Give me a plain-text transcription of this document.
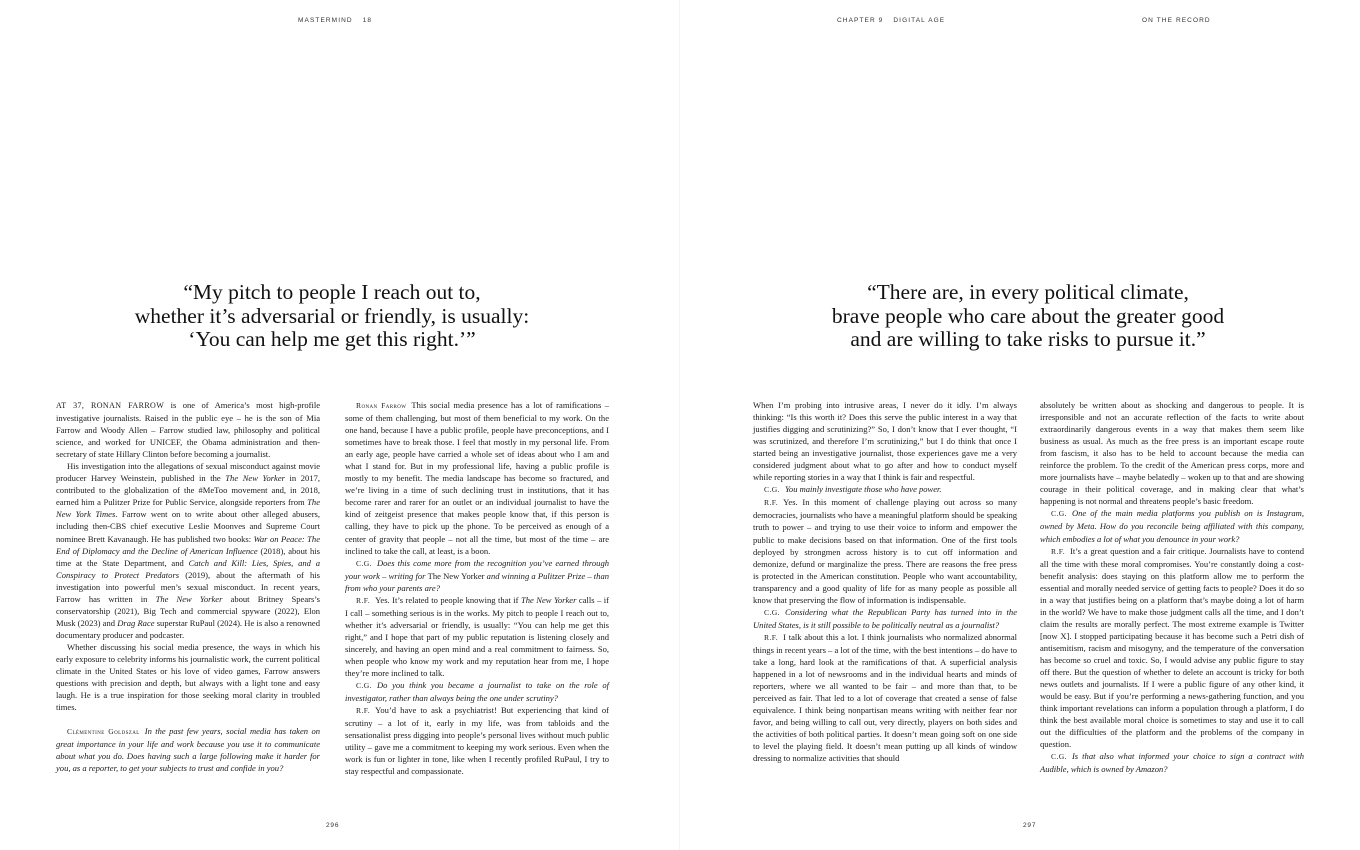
MASTERMIND 18
“My pitch to people I reach out to,
whether it’s adversarial or friendly, is usually:
‘You can help me get this right.’”

AT 37, RONAN FARROW is one of America’s most high-profile investigative journalists. Raised in the public eye – he is the son of Mia Farrow and Woody Allen – Farrow studied law, philosophy and political science, and worked for UNICEF, the Obama administration and then-secretary of state Hillary Clinton before becoming a journalist.

His investigation into the allegations of sexual misconduct against movie producer Harvey Weinstein, published in the The New Yorker in 2017, contributed to the globalization of the #MeToo movement and, in 2018, earned him a Pulitzer Prize for Public Service, alongside reporters from The New York Times. Farrow went on to write about other alleged abusers, including then-CBS chief executive Leslie Moonves and Supreme Court nominee Brett Kavanaugh. He has published two books: War on Peace: The End of Diplomacy and the Decline of American Influence (2018), about his time at the State Department, and Catch and Kill: Lies, Spies, and a Conspiracy to Protect Predators (2019), about the aftermath of his investigation into powerful men’s sexual misconduct. In recent years, Farrow has written in The New Yorker about Britney Spears’s conservatorship (2021), Big Tech and commercial spyware (2022), Elon Musk (2023) and Drag Race superstar RuPaul (2024). He is also a renowned documentary producer and podcaster.

Whether discussing his social media presence, the ways in which his early exposure to celebrity informs his journalistic work, the current political climate in the United States or his love of video games, Farrow answers questions with precision and depth, but always with a light tone and easy laugh. He is a true inspiration for those seeking moral clarity in troubled times.

Clémentine Goldszal In the past few years, social media has taken on great importance in your life and work because you use it to communicate about what you do. Does having such a large following make it harder for you, as a reporter, to get your subjects to trust and confide in you?

Ronan Farrow This social media presence has a lot of ramifications – some of them challenging, but most of them beneficial to my work. On the one hand, because I have a public profile, people have preconceptions, and I sometimes have to break those. I feel that mostly in my personal life. From an early age, people have carried a whole set of ideas about who I am and what I stand for. But in my professional life, having a public profile is mostly to my benefit. The media landscape has become so fractured, and we’re living in a time of such declining trust in institutions, that it has become rarer and rarer for an outlet or an individual journalist to have the kind of zeitgeist presence that makes people know that, if this person is calling, they have to pick up the phone. To be perceived as enough of a center of gravity that people – not all the time, but most of the time – are inclined to take the call, at least, is a boon.

C.G. Does this come more from the recognition you’ve earned through your work – writing for The New Yorker and winning a Pulitzer Prize – than from who your parents are?

R.F. Yes. It’s related to people knowing that if The New Yorker calls – if I call – something serious is in the works. My pitch to people I reach out to, whether it’s adversarial or friendly, is usually: “You can help me get this right,” and I hope that part of my public reputation is listening closely and sincerely, and having an open mind and a real commitment to fairness. So, when people who know my work and my reputation hear from me, I hope they’re more inclined to talk.

C.G. Do you think you became a journalist to take on the role of investigator, rather than always being the one under scrutiny?

R.F. You’d have to ask a psychiatrist! But experiencing that kind of scrutiny – a lot of it, early in my life, was from tabloids and the sensationalist press digging into people’s personal lives without much public utility – gave me a commitment to keeping my work serious. Even when the work is fun or lighter in tone, like when I recently profiled RuPaul, I try to stay respectful and compassionate.

296
CHAPTER 9 DIGITAL AGE	ON THE RECORD
“There are, in every political climate,
brave people who care about the greater good
and are willing to take risks to pursue it.”

When I’m probing into intrusive areas, I never do it idly. I’m always thinking: “Is this worth it? Does this serve the public interest in a way that justifies digging and scrutinizing?” So, I don’t know that I ever thought, “I was scrutinized, and therefore I’m scrutinizing,” but I do think that once I started being an investigative journalist, those experiences gave me a very considered judgment about what to go after and how to conduct myself while reporting stories in a way that I think is fair and respectful.

C.G. You mainly investigate those who have power.

R.F. Yes. In this moment of challenge playing out across so many democracies, journalists who have a meaningful platform should be speaking truth to power – and trying to use their voice to inform and empower the public to make decisions based on that information. One of the first tools deployed by strongmen across history is to cut off information and demonize, defund or marginalize the press. There are reasons the free press is protected in the American constitution. People who want accountability, transparency and a good quality of life for as many people as possible all know that preserving the flow of information is indispensable.

C.G. Considering what the Republican Party has turned into in the United States, is it still possible to be politically neutral as a journalist?

R.F. I talk about this a lot. I think journalists who normalized abnormal things in recent years – a lot of the time, with the best intentions – do have to take a long, hard look at the ramifications of that. A superficial analysis happened in a lot of newsrooms and in the individual hearts and minds of reporters, where we all wanted to be fair – and more than that, to be perceived as fair. That led to a lot of coverage that created a sense of false equivalence. I think being nonpartisan means writing with neither fear nor favor, and being willing to call out, very directly, players on both sides and the activities of both political parties. It doesn’t mean going soft on one side to level the playing field. It doesn’t mean putting up all kinds of window dressing to normalize activities that should

absolutely be written about as shocking and dangerous to people. It is irresponsible and not an accurate reflection of the facts to write about extraordinarily dangerous events in a way that makes them seem like business as usual. As much as the free press is an important escape route from fascism, it also has to be held to account because the media can reinforce the problem. To the credit of the American press corps, more and more journalists have – maybe belatedly – woken up to that and are showing courage in their political coverage, and in making clear that what’s happening is not normal and threatens people’s basic freedom.

C.G. One of the main media platforms you publish on is Instagram, owned by Meta. How do you reconcile being affiliated with this company, which embodies a lot of what you denounce in your work?

R.F. It’s a great question and a fair critique. Journalists have to contend all the time with these moral compromises. You’re constantly doing a cost-benefit analysis: does staying on this platform allow me to perform the essential and morally needed service of getting facts to people? Does it do so in a way that justifies being on a platform that’s maybe doing a lot of harm in the world? We have to make those judgment calls all the time, and I don’t claim the results are morally perfect. The most extreme example is Twitter [now X]. I stopped participating because it has become such a Petri dish of antisemitism, racism and misogyny, and the temperature of the conversation has become so cruel and toxic. So, I would advise any public figure to stay off there. But the question of whether to delete an account is tricky for both news outlets and journalists. If I were a public figure of any other kind, it would be easy. But if you’re performing a news-gathering function, and you think important revelations can inform a population through a platform, I do think the best available moral choice is sometimes to stay and use it to call out the difficulties of the platform and the problems of the company in question.

C.G. Is that also what informed your choice to sign a contract with Audible, which is owned by Amazon?

297
